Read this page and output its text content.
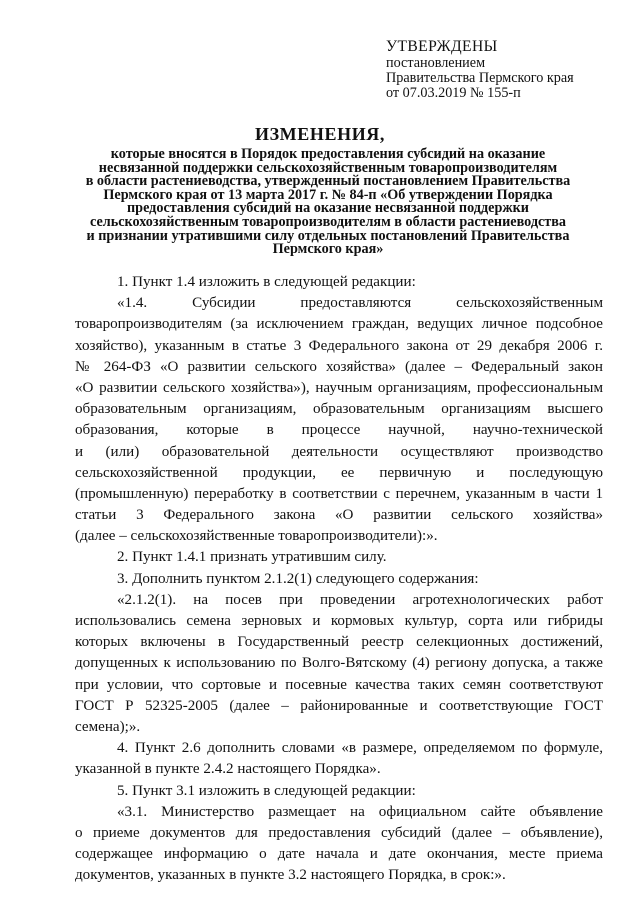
УТВЕРЖДЕНЫ
постановлением
Правительства Пермского края
от 07.03.2019 № 155-п
ИЗМЕНЕНИЯ,
которые вносятся в Порядок предоставления субсидий на оказание
несвязанной поддержки сельскохозяйственным товаропроизводителям
в области растениеводства, утвержденный постановлением Правительства
Пермского края от 13 марта 2017 г. № 84-п «Об утверждении Порядка
предоставления субсидий на оказание несвязанной поддержки
сельскохозяйственным товаропроизводителям в области растениеводства
и признании утратившими силу отдельных постановлений Правительства
Пермского края»
1. Пункт 1.4 изложить в следующей редакции:
«1.4. Субсидии предоставляются сельскохозяйственным
товаропроизводителям (за исключением граждан, ведущих личное подсобное
хозяйство), указанным в статье 3 Федерального закона от 29 декабря 2006 г.
№ 264-ФЗ «О развитии сельского хозяйства» (далее – Федеральный закон
«О развитии сельского хозяйства»), научным организациям, профессиональным
образовательным организациям, образовательным организациям высшего
образования, которые в процессе научной, научно-технической
и (или) образовательной деятельности осуществляют производство
сельскохозяйственной продукции, ее первичную и последующую
(промышленную) переработку в соответствии с перечнем, указанным в части 1
статьи 3 Федерального закона «О развитии сельского хозяйства»
(далее – сельскохозяйственные товаропроизводители):».
2. Пункт 1.4.1 признать утратившим силу.
3. Дополнить пунктом 2.1.2(1) следующего содержания:
«2.1.2(1). на посев при проведении агротехнологических работ
использовались семена зерновых и кормовых культур, сорта или гибриды
которых включены в Государственный реестр селекционных достижений,
допущенных к использованию по Волго-Вятскому (4) региону допуска, а также
при условии, что сортовые и посевные качества таких семян соответствуют
ГОСТ Р 52325-2005 (далее – районированные и соответствующие ГОСТ
семена);».
4. Пункт 2.6 дополнить словами «в размере, определяемом по формуле,
указанной в пункте 2.4.2 настоящего Порядка».
5. Пункт 3.1 изложить в следующей редакции:
«3.1. Министерство размещает на официальном сайте объявление
о приеме документов для предоставления субсидий (далее – объявление),
содержащее информацию о дате начала и дате окончания, месте приема
документов, указанных в пункте 3.2 настоящего Порядка, в срок:».
